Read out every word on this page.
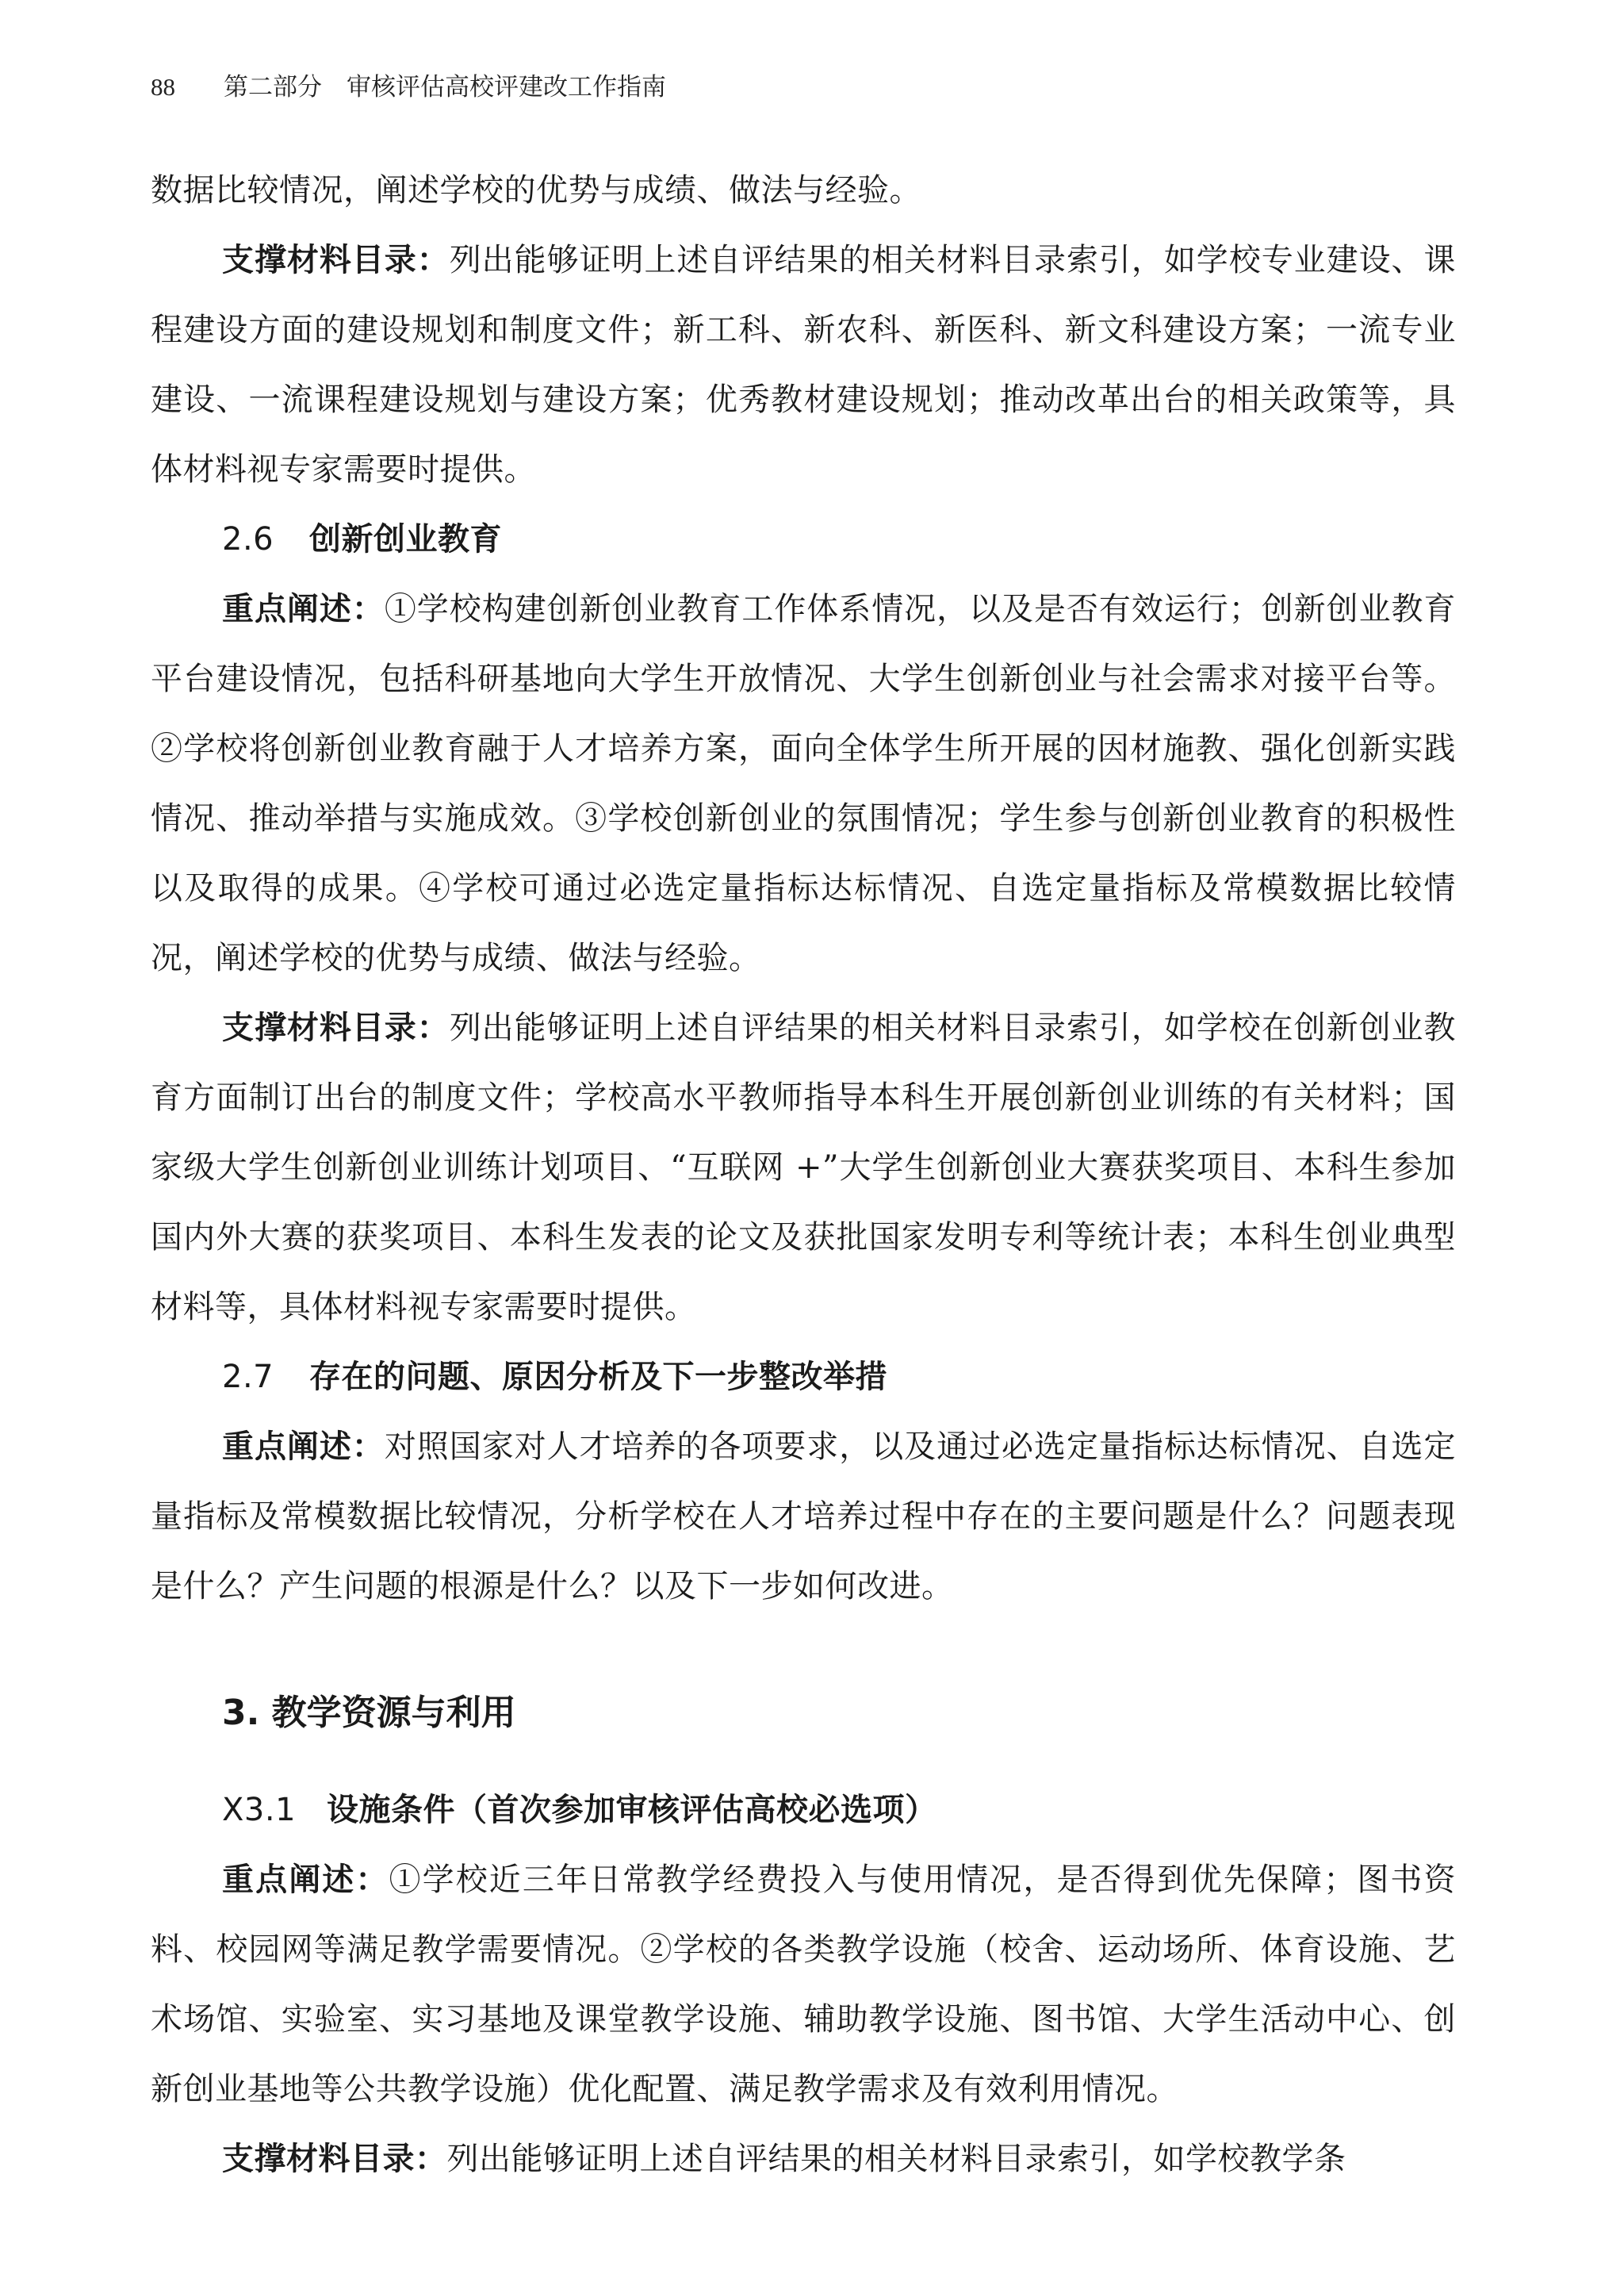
88 第二部分　审核评估高校评建改工作指南

数据比较情况，阐述学校的优势与成绩、做法与经验。

支撑材料目录：列出能够证明上述自评结果的相关材料目录索引，如学校专业建设、课程建设方面的建设规划和制度文件；新工科、新农科、新医科、新文科建设方案；一流专业建设、一流课程建设规划与建设方案；优秀教材建设规划；推动改革出台的相关政策等，具体材料视专家需要时提供。

2.6 创新创业教育

重点阐述：①学校构建创新创业教育工作体系情况，以及是否有效运行；创新创业教育平台建设情况，包括科研基地向大学生开放情况、大学生创新创业与社会需求对接平台等。②学校将创新创业教育融于人才培养方案，面向全体学生所开展的因材施教、强化创新实践情况、推动举措与实施成效。③学校创新创业的氛围情况；学生参与创新创业教育的积极性以及取得的成果。④学校可通过必选定量指标达标情况、自选定量指标及常模数据比较情况，阐述学校的优势与成绩、做法与经验。

支撑材料目录：列出能够证明上述自评结果的相关材料目录索引，如学校在创新创业教育方面制订出台的制度文件；学校高水平教师指导本科生开展创新创业训练的有关材料；国家级大学生创新创业训练计划项目、“互联网 +”大学生创新创业大赛获奖项目、本科生参加国内外大赛的获奖项目、本科生发表的论文及获批国家发明专利等统计表；本科生创业典型材料等，具体材料视专家需要时提供。

2.7 存在的问题、原因分析及下一步整改举措

重点阐述：对照国家对人才培养的各项要求，以及通过必选定量指标达标情况、自选定量指标及常模数据比较情况，分析学校在人才培养过程中存在的主要问题是什么？问题表现是什么？产生问题的根源是什么？以及下一步如何改进。

3. 教学资源与利用
X3.1 设施条件（首次参加审核评估高校必选项）

重点阐述：①学校近三年日常教学经费投入与使用情况，是否得到优先保障；图书资料、校园网等满足教学需要情况。②学校的各类教学设施（校舍、运动场所、体育设施、艺术场馆、实验室、实习基地及课堂教学设施、辅助教学设施、图书馆、大学生活动中心、创新创业基地等公共教学设施）优化配置、满足教学需求及有效利用情况。

支撑材料目录：列出能够证明上述自评结果的相关材料目录索引，如学校教学条
